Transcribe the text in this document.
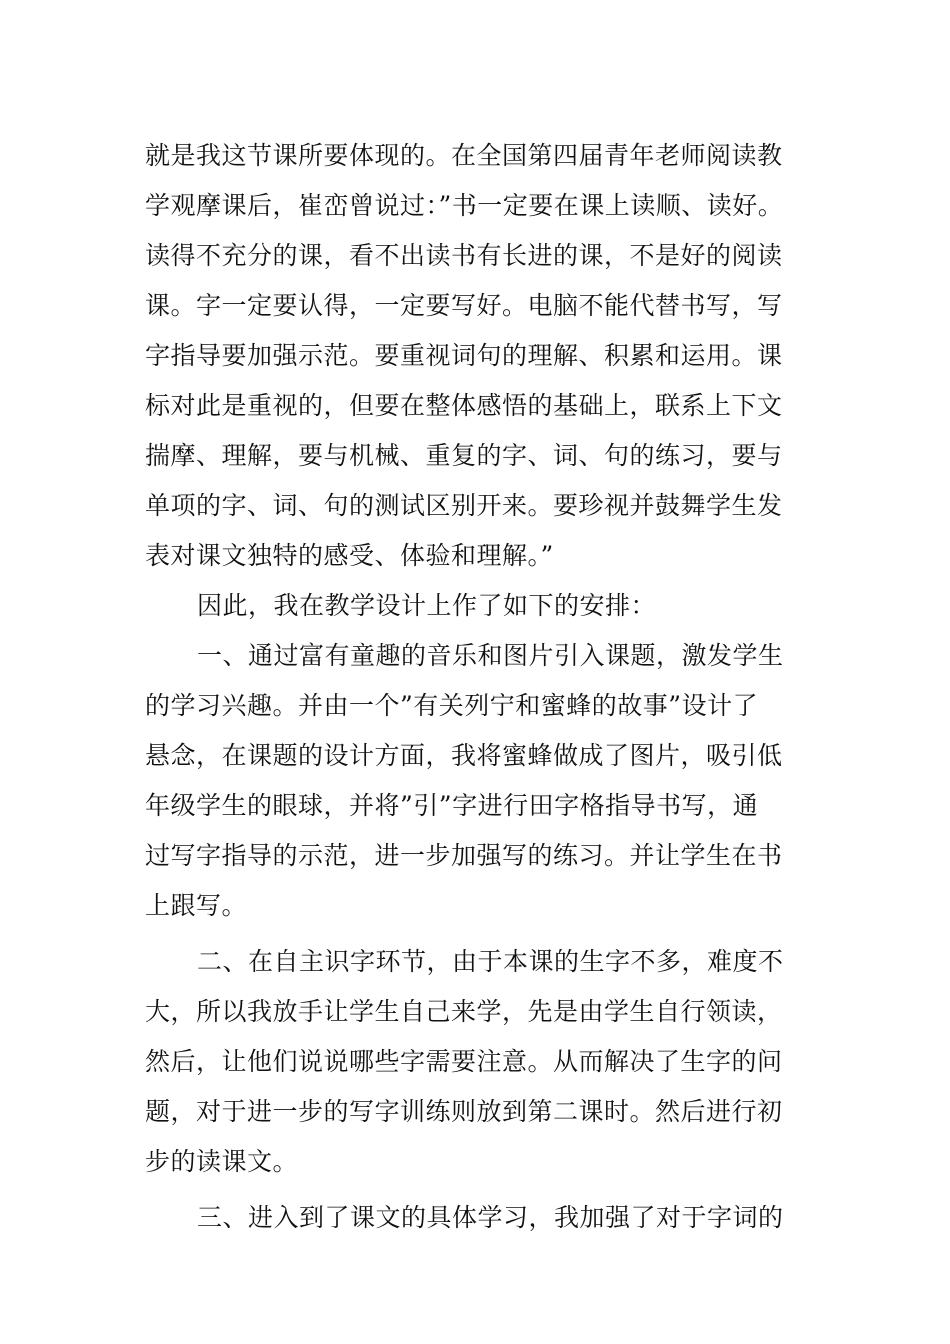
就是我这节课所要体现的。在全国第四届青年老师阅读教
学观摩课后，崔峦曾说过：”书一定要在课上读顺、读好。
读得不充分的课，看不出读书有长进的课，不是好的阅读
课。字一定要认得，一定要写好。电脑不能代替书写，写
字指导要加强示范。要重视词句的理解、积累和运用。课
标对此是重视的，但要在整体感悟的基础上，联系上下文
揣摩、理解，要与机械、重复的字、词、句的练习，要与
单项的字、词、句的测试区别开来。要珍视并鼓舞学生发
表对课文独特的感受、体验和理解。”
因此，我在教学设计上作了如下的安排：
一、通过富有童趣的音乐和图片引入课题，激发学生
的学习兴趣。并由一个”有关列宁和蜜蜂的故事”设计了
悬念，在课题的设计方面，我将蜜蜂做成了图片，吸引低
年级学生的眼球，并将”引”字进行田字格指导书写，通
过写字指导的示范，进一步加强写的练习。并让学生在书
上跟写。
二、在自主识字环节，由于本课的生字不多，难度不
大，所以我放手让学生自己来学，先是由学生自行领读，
然后，让他们说说哪些字需要注意。从而解决了生字的问
题，对于进一步的写字训练则放到第二课时。然后进行初
步的读课文。
三、进入到了课文的具体学习，我加强了对于字词的
